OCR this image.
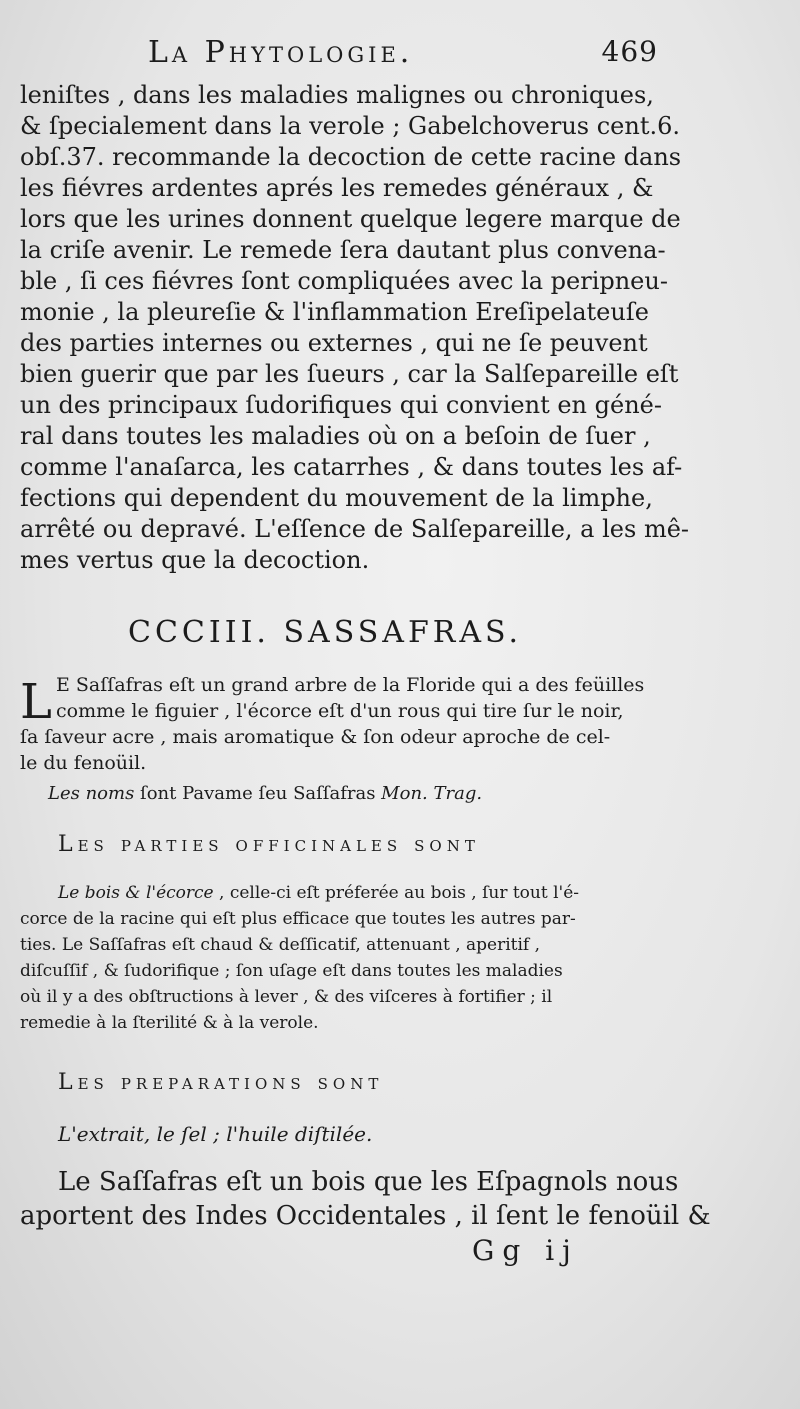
La Phytologie.	469
leniſtes , dans les maladies malignes ou chroniques,
& ſpecialement dans la verole ; Gabelchoverus cent.6.
obſ.37. recommande la decoction de cette racine dans
les fiévres ardentes aprés les remedes généraux , &
lors que les urines donnent quelque legere marque de
la criſe avenir. Le remede ſera dautant plus convena-
ble , ſi ces fiévres ſont compliquées avec la peripneu-
monie , la pleureſie & l'inflammation Ereſipelateuſe
des parties internes ou externes , qui ne ſe peuvent
bien guerir que par les ſueurs , car la Salſepareille eſt
un des principaux ſudorifiques qui convient en géné-
ral dans toutes les maladies où on a beſoin de ſuer ,
comme l'anaſarca, les catarrhes , & dans toutes les af-
fections qui dependent du mouvement de la limphe,
arrêté ou depravé. L'eſſence de Salſepareille, a les mê-
mes vertus que la decoction.
CCCIII. SASSAFRAS.
L E Saſſafras eſt un grand arbre de la Floride qui a des feüilles
comme le figuier , l'écorce eſt d'un rous qui tire ſur le noir,
ſa ſaveur acre , mais aromatique & ſon odeur aproche de cel-
le du fenoüil.
Les noms ſont Pavame ſeu Saſſafras Mon. Trag.
Les parties officinales sont
Le bois & l'écorce , celle-ci eſt préferée au bois , ſur tout l'é-
corce de la racine qui eſt plus efficace que toutes les autres par-
ties. Le Saſſafras eſt chaud & deſſicatif, attenuant , aperitif ,
diſcuſſif , & ſudorifique ; ſon uſage eſt dans toutes les maladies
où il y a des obſtructions à lever , & des viſceres à fortifier ; il
remedie à la ſterilité & à la verole.
Les preparations sont
L'extrait, le ſel ; l'huile diſtilée.
Le Saſſafras eſt un bois que les Eſpagnols nous
aportent des Indes Occidentales , il ſent le fenoüil &
Gg ij
